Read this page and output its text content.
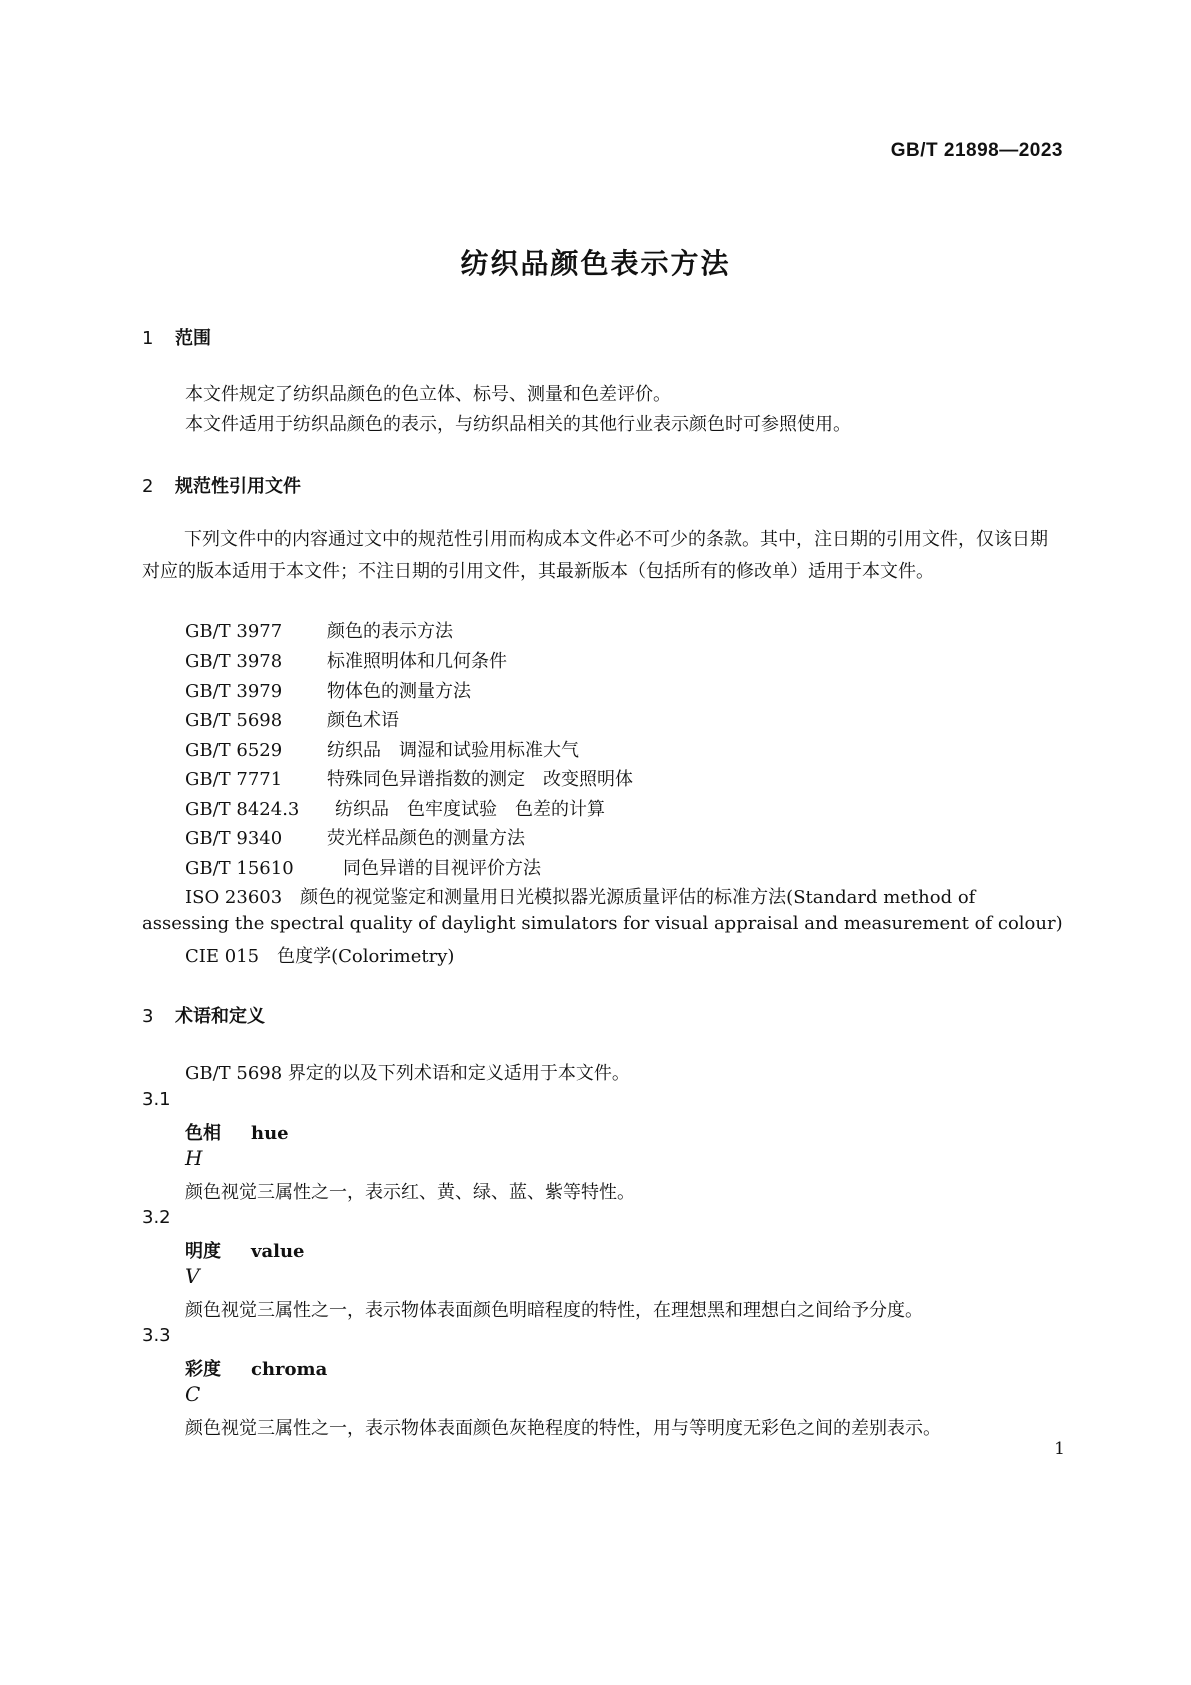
GB/T 21898—2023
纺织品颜色表示方法
1 范围
本文件规定了纺织品颜色的色立体、标号、测量和色差评价。
本文件适用于纺织品颜色的表示，与纺织品相关的其他行业表示颜色时可参照使用。
2 规范性引用文件
下列文件中的内容通过文中的规范性引用而构成本文件必不可少的条款。其中，注日期的引用文件，仅该日期对应的版本适用于本文件；不注日期的引用文件，其最新版本（包括所有的修改单）适用于本文件。
GB/T 3977 颜色的表示方法
GB/T 3978 标准照明体和几何条件
GB/T 3979 物体色的测量方法
GB/T 5698 颜色术语
GB/T 6529 纺织品　调湿和试验用标准大气
GB/T 7771 特殊同色异谱指数的测定　改变照明体
GB/T 8424.3 纺织品　色牢度试验　色差的计算
GB/T 9340 荧光样品颜色的测量方法
GB/T 15610	同色异谱的目视评价方法
ISO 23603　颜色的视觉鉴定和测量用日光模拟器光源质量评估的标准方法(Standard method of
assessing the spectral quality of daylight simulators for visual appraisal and measurement of colour)
CIE 015　色度学(Colorimetry)
3 术语和定义
GB/T 5698 界定的以及下列术语和定义适用于本文件。
3.1
色相 hue
H
颜色视觉三属性之一，表示红、黄、绿、蓝、紫等特性。
3.2
明度 value
V
颜色视觉三属性之一，表示物体表面颜色明暗程度的特性，在理想黑和理想白之间给予分度。
3.3
彩度 chroma
C
颜色视觉三属性之一，表示物体表面颜色灰艳程度的特性，用与等明度无彩色之间的差别表示。
1
